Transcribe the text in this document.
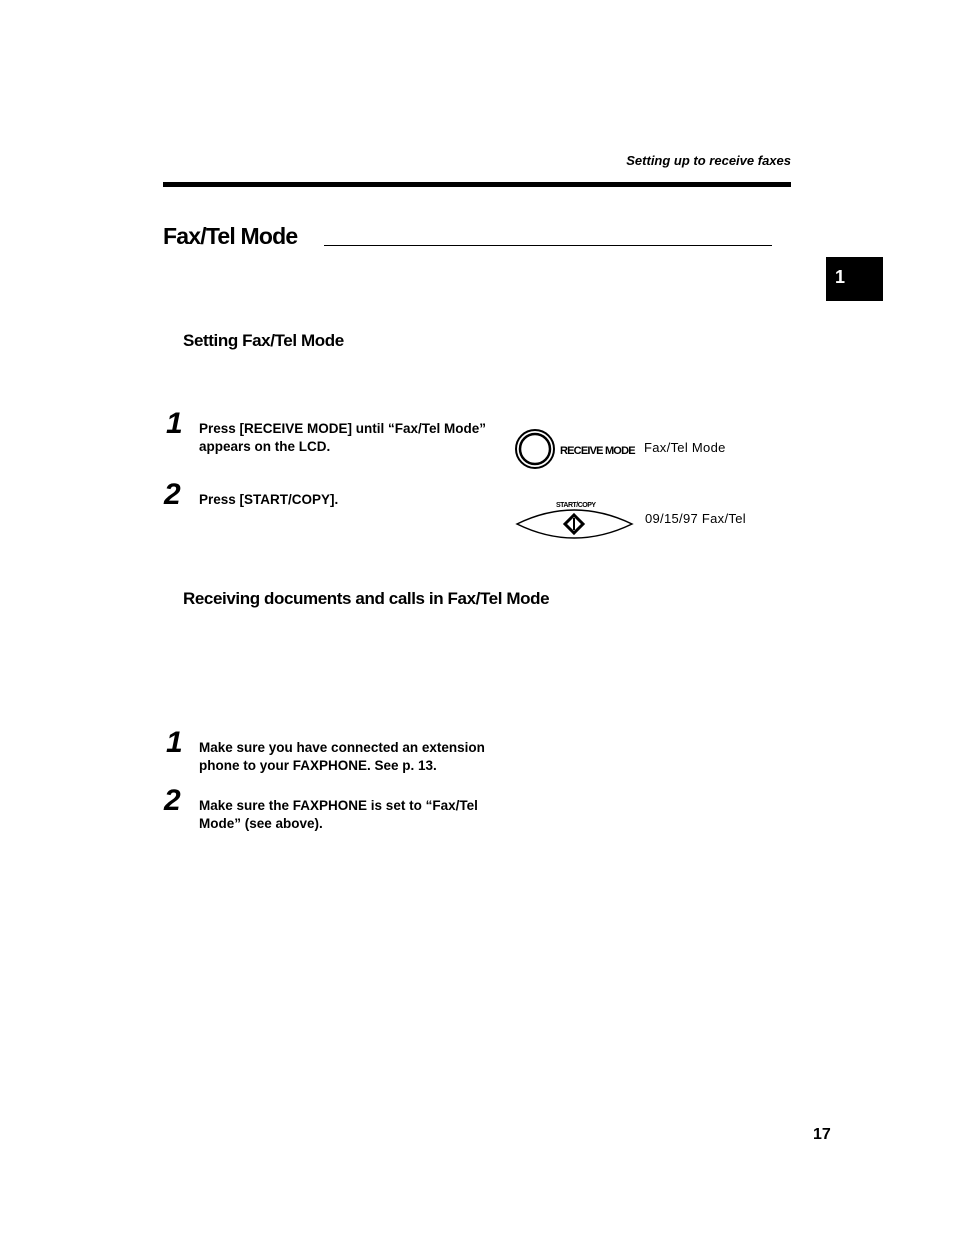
Setting up to receive faxes
Fax/Tel Mode
1
Setting Fax/Tel Mode
1 Press [RECEIVE MODE] until “Fax/Tel Mode” appears on the LCD.
2 Press [START/COPY].
RECEIVE MODE Fax/Tel Mode
START/COPY
09/15/97 Fax/Tel
Receiving documents and calls in Fax/Tel Mode
1 Make sure you have connected an extension phone to your FAXPHONE. See p. 13.
2 Make sure the FAXPHONE is set to “Fax/Tel Mode” (see above).
17
